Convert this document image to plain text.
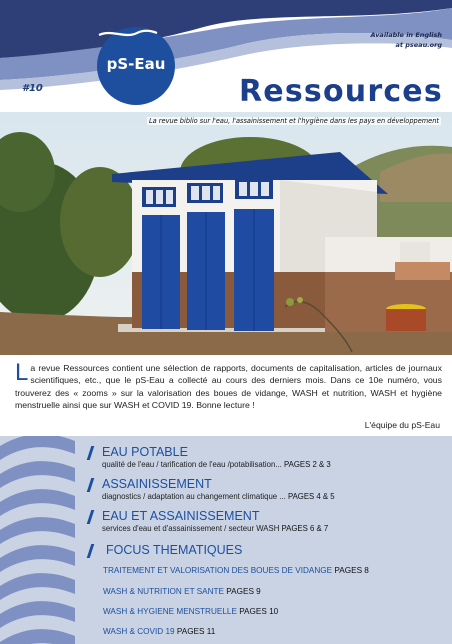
pS-Eau
#10
Available in English
at pseau.org
Ressources
La revue biblio sur l'eau, l'assainissement et l'hygiène dans les pays en développement
L a revue Ressources contient une sélection de rapports, documents de capitalisation, articles de journaux scientifiques, etc., que le pS-Eau a collecté au cours des derniers mois. Dans ce 10e numéro, vous trouverez des « zooms » sur la valorisation des boues de vidange, WASH et nutrition, WASH et hygiène menstruelle ainsi que sur WASH et COVID 19. Bonne lecture !
L'équipe du pS-Eau
EAU POTABLE
qualité de l'eau / tarification de l'eau /potabilisation... PAGES 2 & 3
ASSAINISSEMENT
diagnostics / adaptation au changement climatique ... PAGES 4 & 5
EAU ET ASSAINISSEMENT
services d'eau et d'assainissement / secteur WASH PAGES 6 & 7
FOCUS THEMATIQUES
TRAITEMENT ET VALORISATION DES BOUES DE VIDANGE PAGES 8
WASH & NUTRITION ET SANTE PAGES 9
WASH & HYGIENE MENSTRUELLE PAGES 10
WASH & COVID 19 PAGES 11
